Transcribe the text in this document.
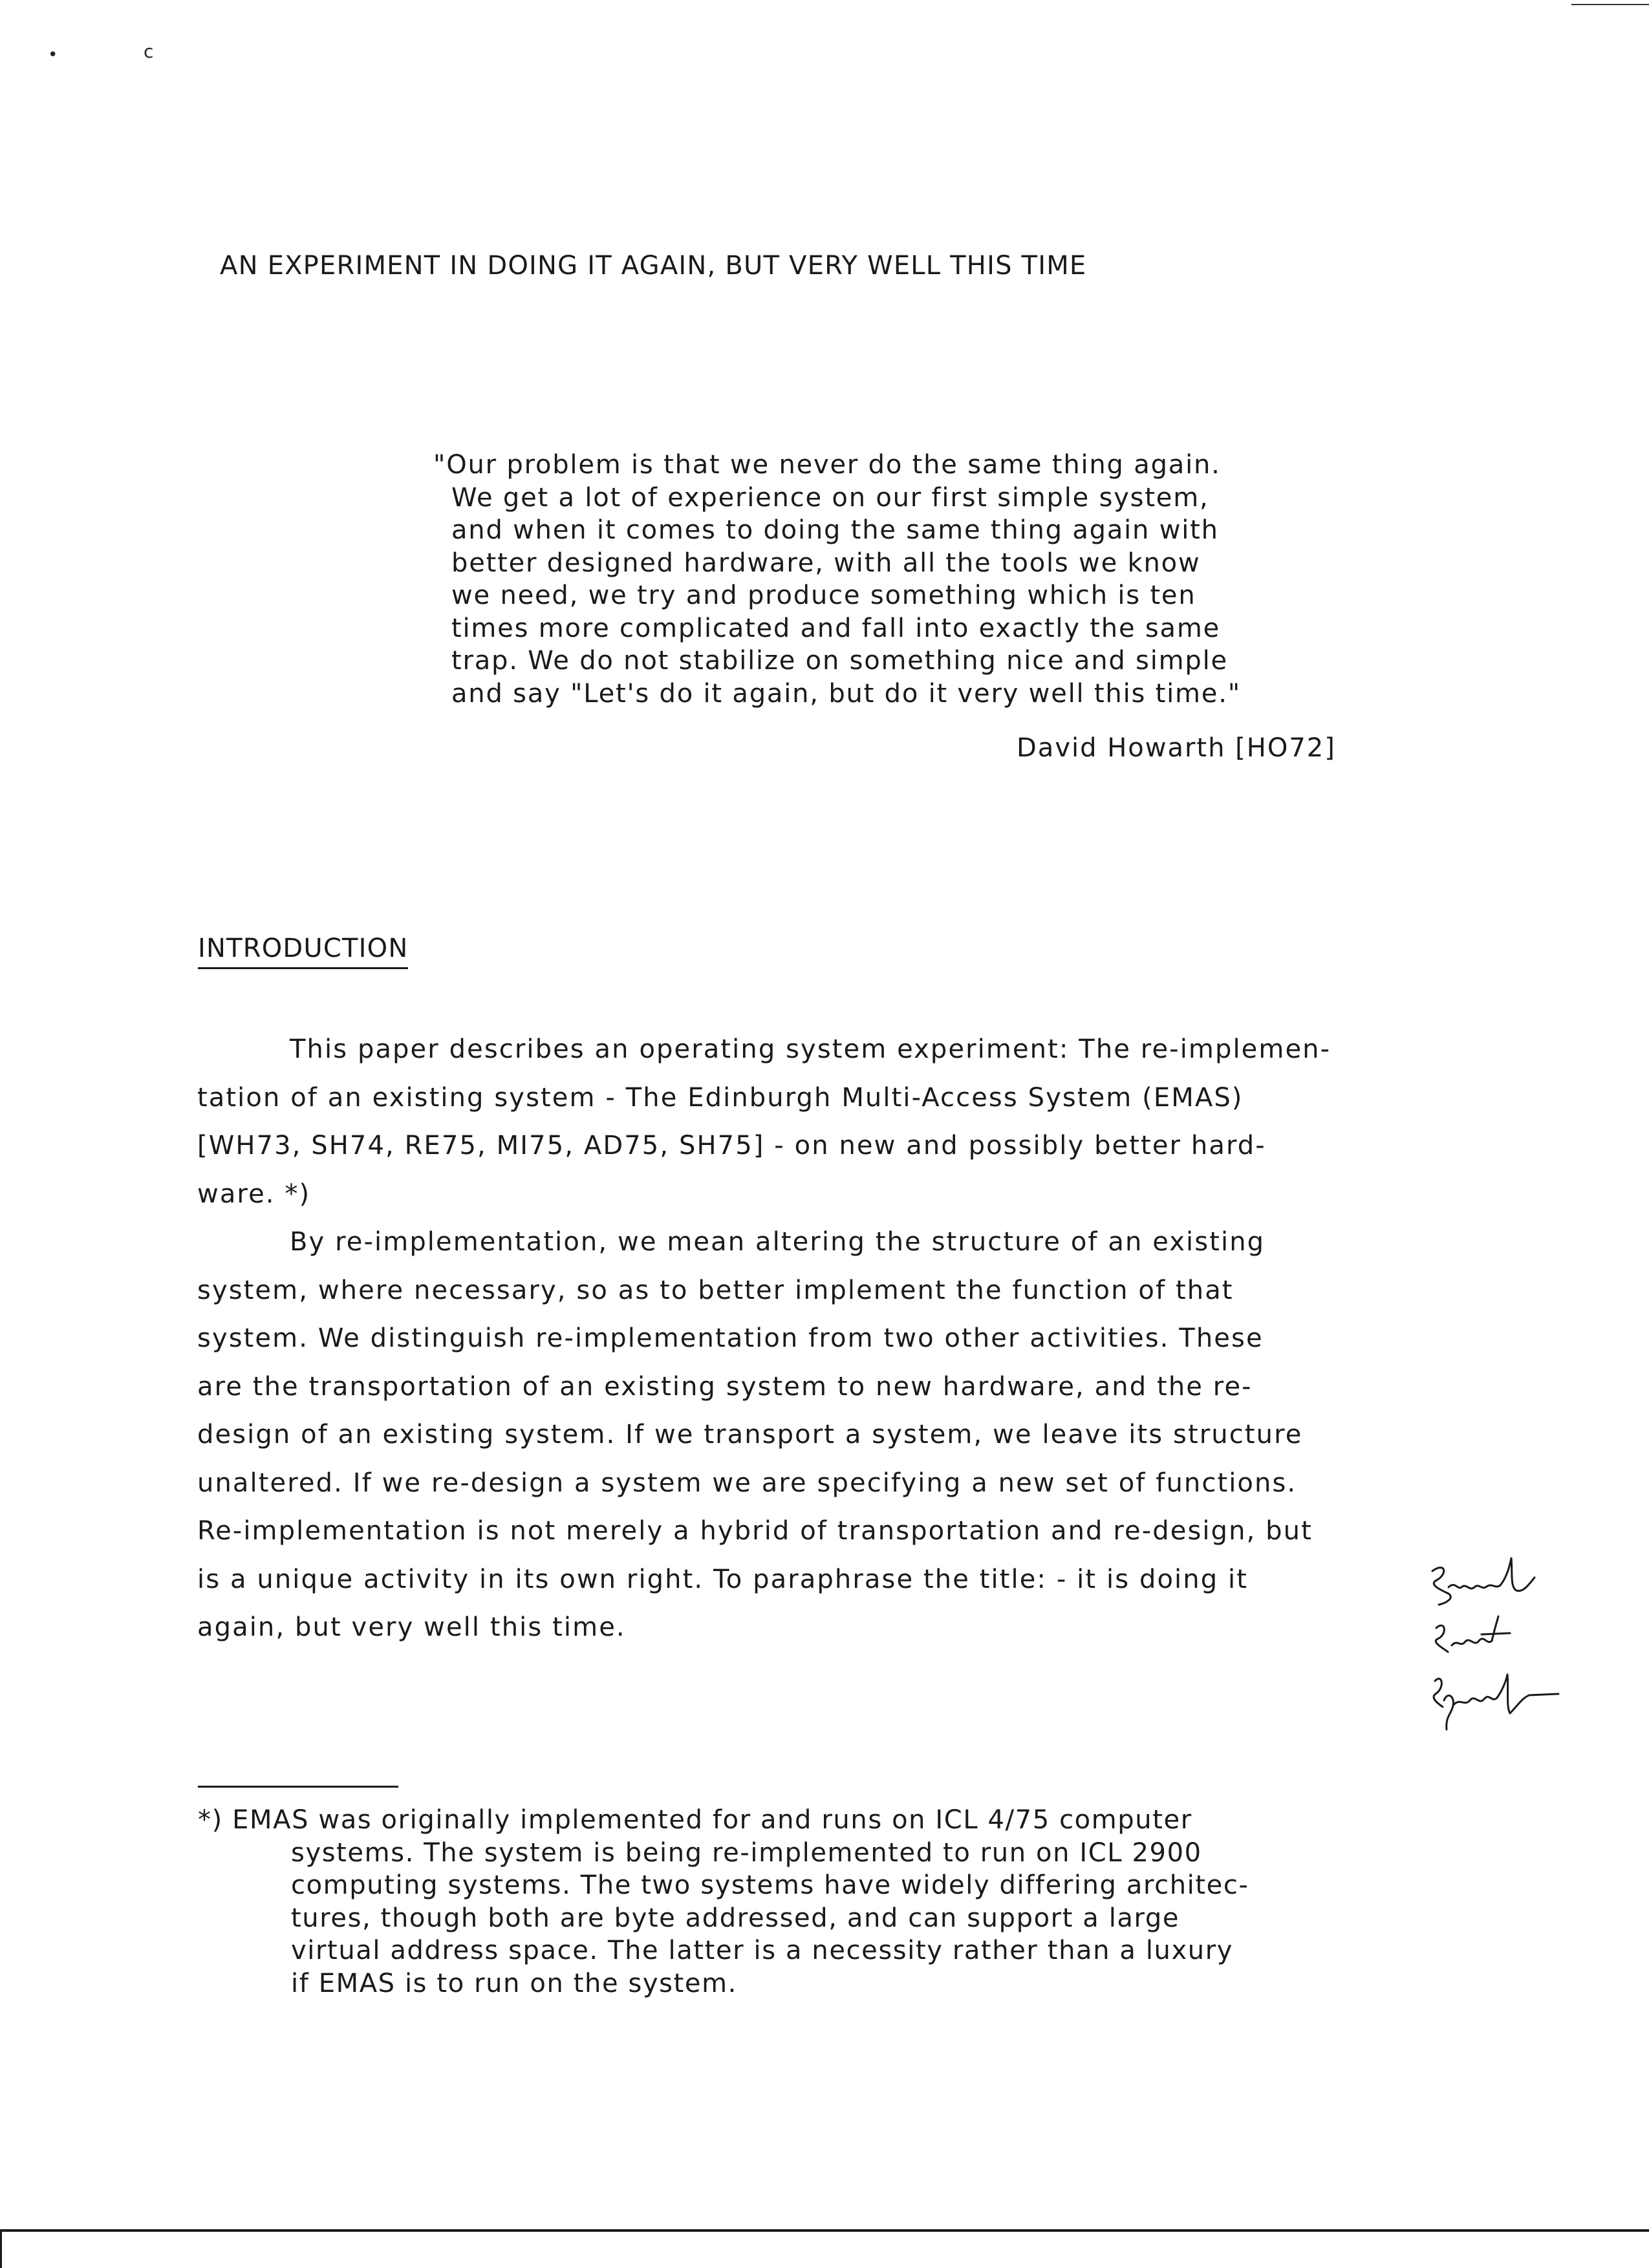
•	c
AN EXPERIMENT IN DOING IT AGAIN, BUT VERY WELL THIS TIME
"Our problem is that we never do the same thing again.
We get a lot of experience on our first simple system,
and when it comes to doing the same thing again with
better designed hardware, with all the tools we know
we need, we try and produce something which is ten
times more complicated and fall into exactly the same
trap. We do not stabilize on something nice and simple
and say "Let's do it again, but do it very well this time."
David Howarth [HO72]
INTRODUCTION
This paper describes an operating system experiment: The re-implemen-
tation of an existing system - The Edinburgh Multi-Access System (EMAS)
[WH73, SH74, RE75, MI75, AD75, SH75] - on new and possibly better hard-
ware. *)
By re-implementation, we mean altering the structure of an existing
system, where necessary, so as to better implement the function of that
system. We distinguish re-implementation from two other activities. These
are the transportation of an existing system to new hardware, and the re-
design of an existing system. If we transport a system, we leave its structure
unaltered. If we re-design a system we are specifying a new set of functions.
Re-implementation is not merely a hybrid of transportation and re-design, but
is a unique activity in its own right. To paraphrase the title: - it is doing it
again, but very well this time.
*) EMAS was originally implemented for and runs on ICL 4/75 computer
systems. The system is being re-implemented to run on ICL 2900
computing systems. The two systems have widely differing architec-
tures, though both are byte addressed, and can support a large
virtual address space. The latter is a necessity rather than a luxury
if EMAS is to run on the system.
